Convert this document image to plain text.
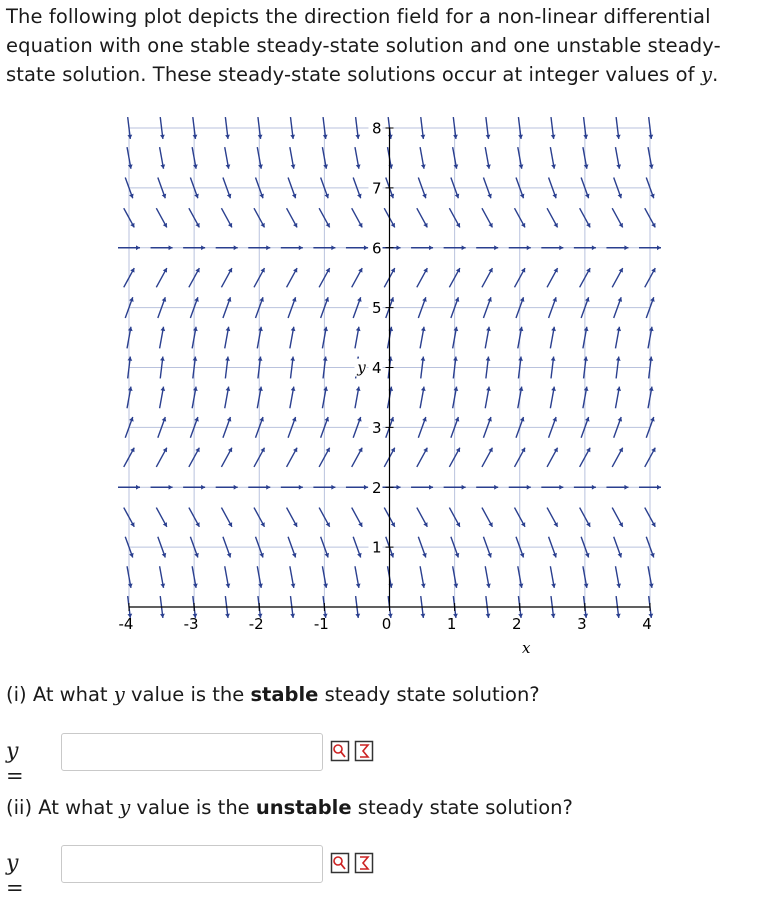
The following plot depicts the direction field for a non-linear differential
equation with one stable steady-state solution and one unstable steady-
state solution. These steady-state solutions occur at integer values of y.
-4	-3	-2	-1	0	1	2	3	4
1
2
3
4
5
6
7
8
x
y
(i) At what y value is the stable steady state solution?
y =
(ii) At what y value is the unstable steady state solution?
y =
